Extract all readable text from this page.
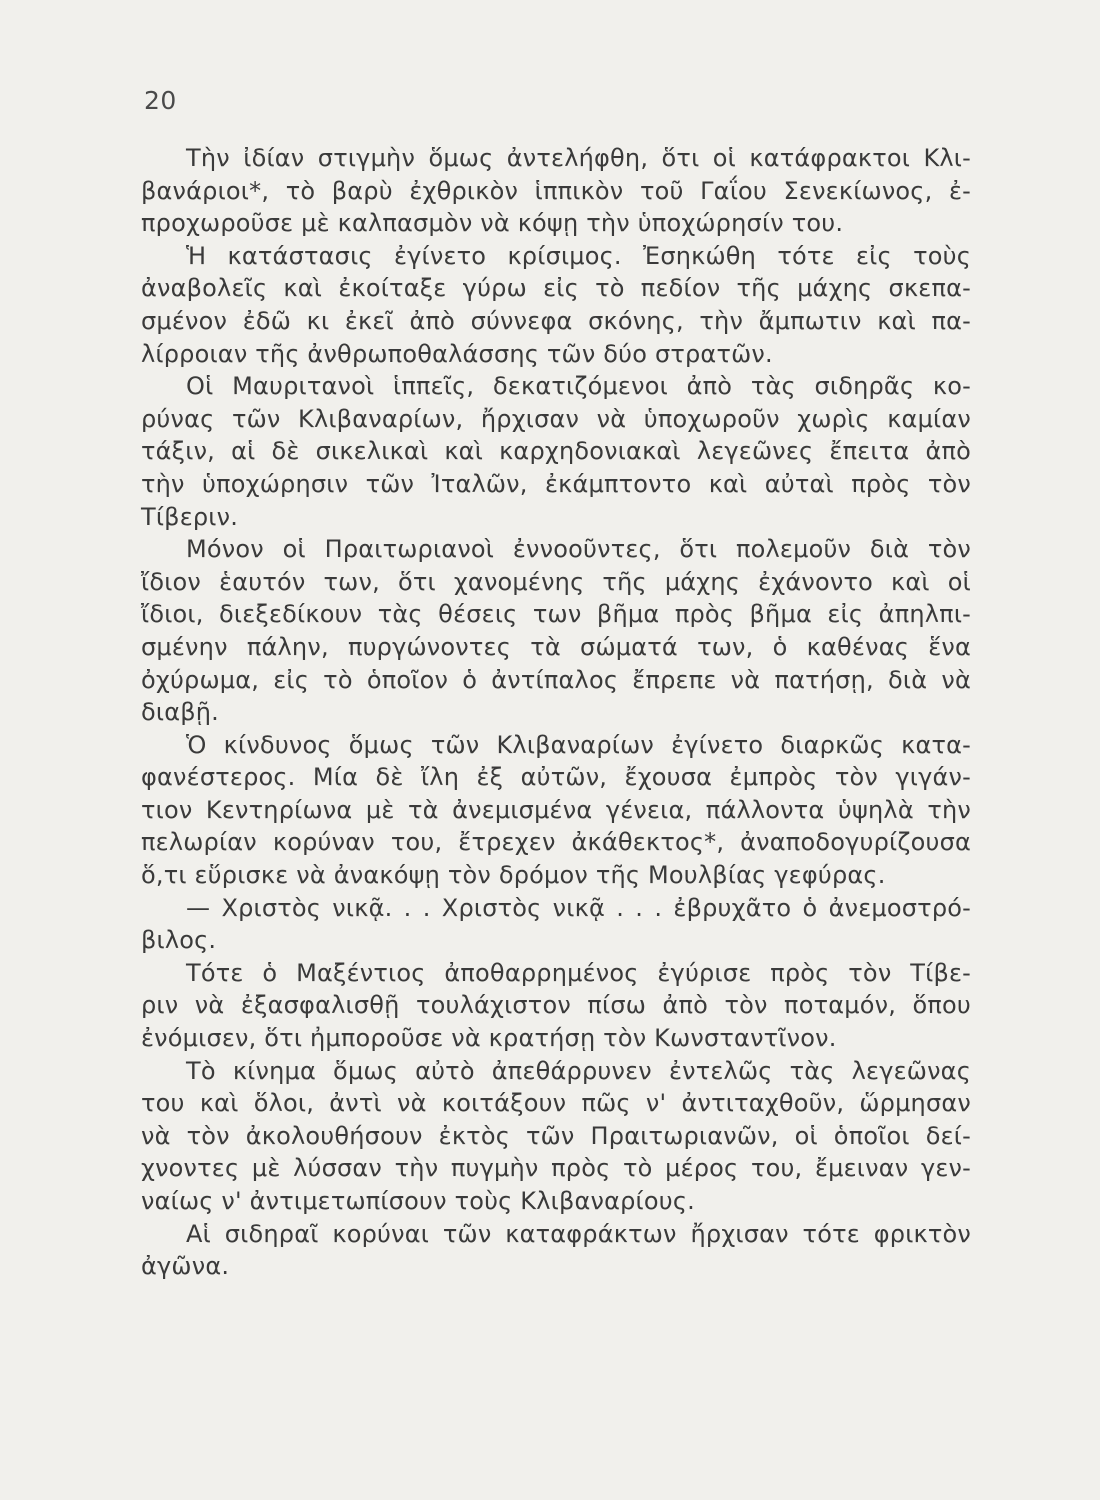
20
Τὴν ἰδίαν στιγμὴν ὅμως ἀντελήφθη, ὅτι οἱ κατάφρακτοι Κλι-
βανάριοι*, τὸ βαρὺ ἐχθρικὸν ἱππικὸν τοῦ Γαΐου Σενεκίωνος, ἐ-
προχωροῦσε μὲ καλπασμὸν νὰ κόψῃ τὴν ὑποχώρησίν του.
Ἡ κατάστασις ἐγίνετο κρίσιμος. Ἐσηκώθη τότε εἰς τοὺς
ἀναβολεῖς καὶ ἐκοίταξε γύρω εἰς τὸ πεδίον τῆς μάχης σκεπα-
σμένον ἐδῶ κι ἐκεῖ ἀπὸ σύννεφα σκόνης, τὴν ἄμπωτιν καὶ πα-
λίρροιαν τῆς ἀνθρωποθαλάσσης τῶν δύο στρατῶν.
Οἱ Μαυριτανοὶ ἱππεῖς, δεκατιζόμενοι ἀπὸ τὰς σιδηρᾶς κο-
ρύνας τῶν Κλιβαναρίων, ἤρχισαν νὰ ὑποχωροῦν χωρὶς καμίαν
τάξιν, αἱ δὲ σικελικαὶ καὶ καρχηδονιακαὶ λεγεῶνες ἔπειτα ἀπὸ
τὴν ὑποχώρησιν τῶν Ἰταλῶν, ἐκάμπτοντο καὶ αὐταὶ πρὸς τὸν
Τίβεριν.
Μόνον οἱ Πραιτωριανοὶ ἐννοοῦντες, ὅτι πολεμοῦν διὰ τὸν
ἴδιον ἑαυτόν των, ὅτι χανομένης τῆς μάχης ἐχάνοντο καὶ οἱ
ἴδιοι, διεξεδίκουν τὰς θέσεις των βῆμα πρὸς βῆμα εἰς ἀπηλπι-
σμένην πάλην, πυργώνοντες τὰ σώματά των, ὁ καθένας ἕνα
ὀχύρωμα, εἰς τὸ ὁποῖον ὁ ἀντίπαλος ἔπρεπε νὰ πατήσῃ, διὰ νὰ
διαβῇ.
Ὁ κίνδυνος ὅμως τῶν Κλιβαναρίων ἐγίνετο διαρκῶς κατα-
φανέστερος. Μία δὲ ἴλη ἐξ αὐτῶν, ἔχουσα ἐμπρὸς τὸν γιγάν-
τιον Κεντηρίωνα μὲ τὰ ἀνεμισμένα γένεια, πάλλοντα ὑψηλὰ τὴν
πελωρίαν κορύναν του, ἔτρεχεν ἀκάθεκτος*, ἀναποδογυρίζουσα
ὅ,τι εὕρισκε νὰ ἀνακόψῃ τὸν δρόμον τῆς Μουλβίας γεφύρας.
— Χριστὸς νικᾷ. . . Χριστὸς νικᾷ . . . ἐβρυχᾶτο ὁ ἀνεμοστρό-
βιλος.
Τότε ὁ Μαξέντιος ἀποθαρρημένος ἐγύρισε πρὸς τὸν Τίβε-
ριν νὰ ἐξασφαλισθῇ τουλάχιστον πίσω ἀπὸ τὸν ποταμόν, ὅπου
ἐνόμισεν, ὅτι ἠμποροῦσε νὰ κρατήσῃ τὸν Κωνσταντῖνον.
Τὸ κίνημα ὅμως αὐτὸ ἀπεθάρρυνεν ἐντελῶς τὰς λεγεῶνας
του καὶ ὅλοι, ἀντὶ νὰ κοιτάξουν πῶς ν' ἀντιταχθοῦν, ὥρμησαν
νὰ τὸν ἀκολουθήσουν ἐκτὸς τῶν Πραιτωριανῶν, οἱ ὁποῖοι δεί-
χνοντες μὲ λύσσαν τὴν πυγμὴν πρὸς τὸ μέρος του, ἔμειναν γεν-
ναίως ν' ἀντιμετωπίσουν τοὺς Κλιβαναρίους.
Αἱ σιδηραῖ κορύναι τῶν καταφράκτων ἤρχισαν τότε φρικτὸν
ἀγῶνα.
